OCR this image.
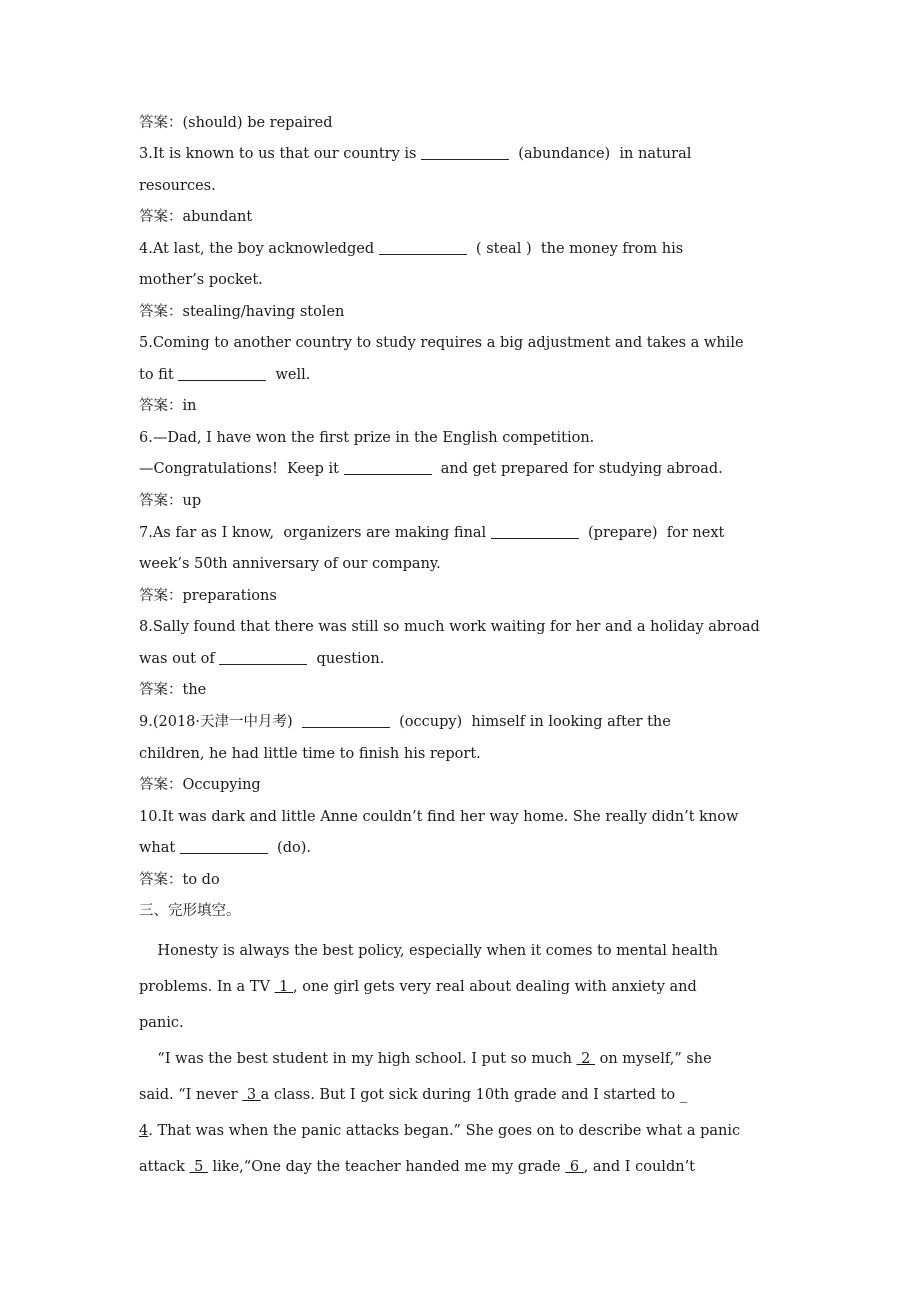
答案：(should) be repaired
3.It is known to us that our country is	(abundance)  in natural
resources.
答案：abundant
4.At last, the boy acknowledged	( steal )  the money from his
mother’s pocket.
答案：stealing/having stolen
5.Coming to another country to study requires a big adjustment and takes a while
to fit	well.
答案：in
6.—Dad, I have won the first prize in the English competition.
—Congratulations!  Keep it	and get prepared for studying abroad.
答案：up
7.As far as I know,  organizers are making final	(prepare)  for next
week’s 50th anniversary of our company.
答案：preparations
8.Sally found that there was still so much work waiting for her and a holiday abroad
was out of	question.
答案：the
9.(2018·天津一中月考)	(occupy)  himself in looking after the
children, he had little time to finish his report.
答案：Occupying
10.It was dark and little Anne couldn’t find her way home. She really didn’t know
what	(do).
答案：to do
三、完形填空。
Honesty is always the best policy, especially when it comes to mental health
problems. In a TV  1 , one girl gets very real about dealing with anxiety and
panic.
“I was the best student in my high school. I put so much  2  on myself,” she
said. “I never  3 a class. But I got sick during 10th grade and I started to _
4. That was when the panic attacks began.” She goes on to describe what a panic
attack  5  like,“One day the teacher handed me my grade  6 , and I couldn’t
